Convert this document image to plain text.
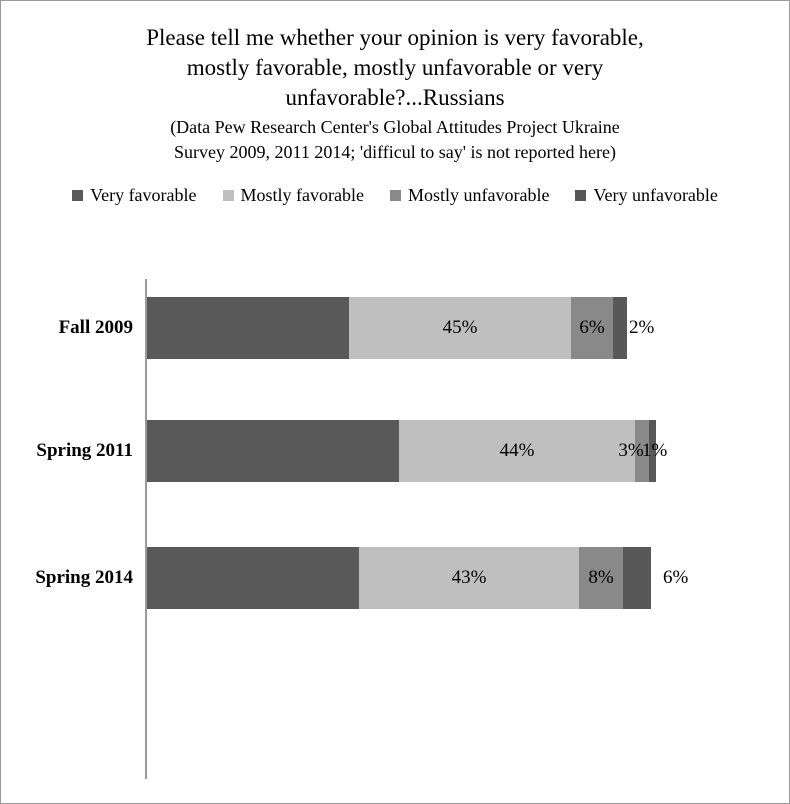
Please tell me whether your opinion is very favorable,
mostly favorable, mostly unfavorable or very
unfavorable?...Russians
(Data Pew Research Center's Global Attitudes Project Ukraine
Survey 2009, 2011 2014; 'difficul to say' is not reported here)
Very favorable Mostly favorable Mostly unfavorable Very unfavorable
Fall 2009	45%	6% 2%
Spring 2011	44%	3%
1%
Spring 2014	43%	8%	6%
